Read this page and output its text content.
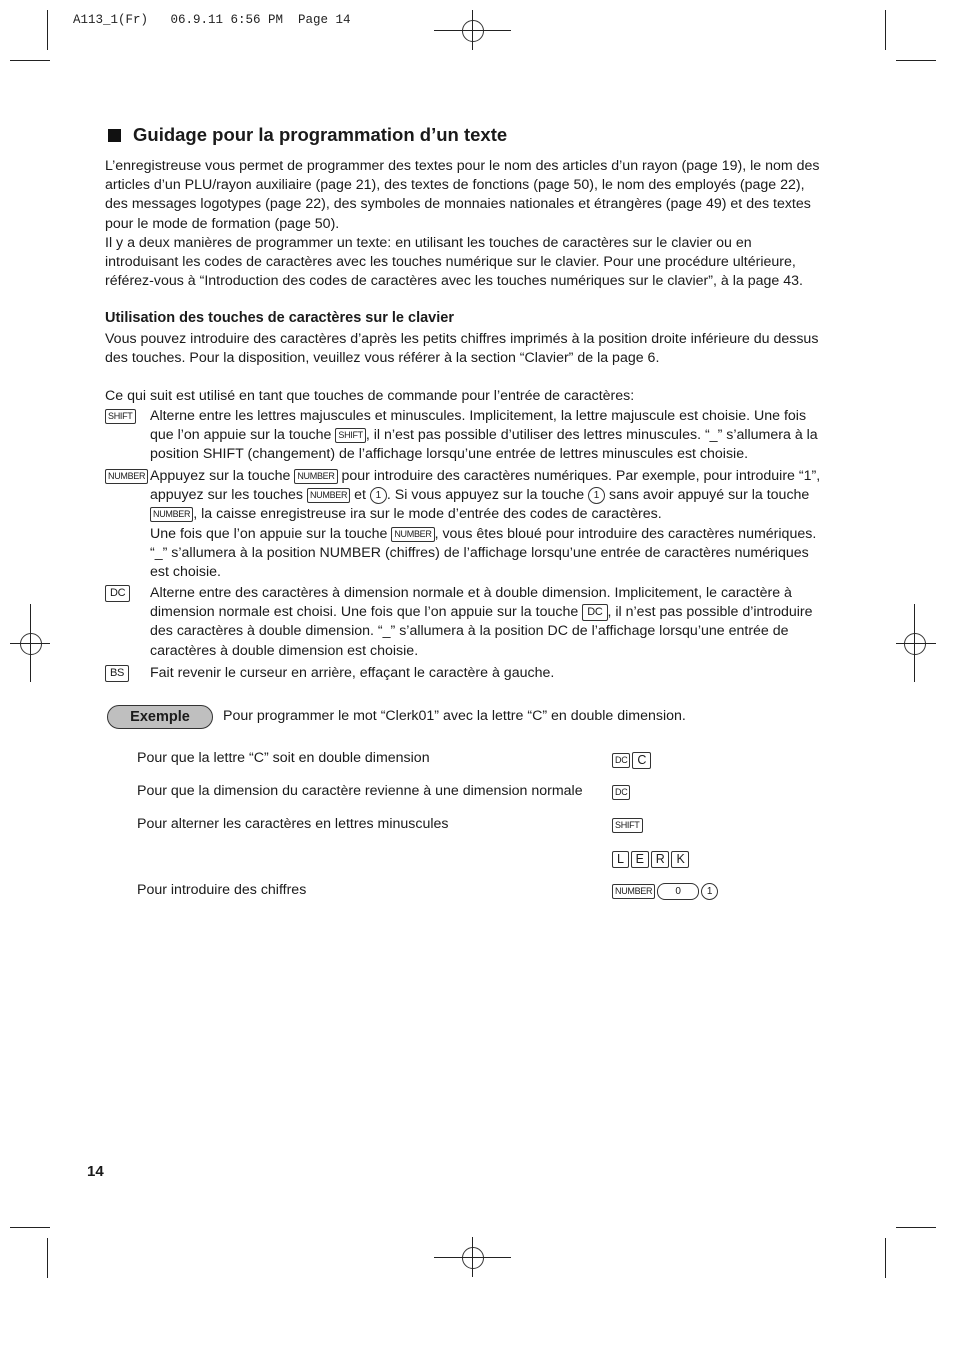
A113_1(Fr)   06.9.11 6:56 PM  Page 14
Guidage pour la programmation d’un texte

L’enregistreuse vous permet de programmer des textes pour le nom des articles d’un rayon (page 19), le nom des articles d’un PLU/rayon auxiliaire (page 21), des textes de fonctions (page 50), le nom des employés (page 22), des messages logotypes (page 22), des symboles de monnaies nationales et étrangères (page 49) et des textes pour le mode de formation (page 50).

Il y a deux manières de programmer un texte: en utilisant les touches de caractères sur le clavier ou en introduisant les codes de caractères avec les touches numérique sur le clavier. Pour une procédure ultérieure, référez-vous à “Introduction des codes de caractères avec les touches numériques sur le clavier”, à la page 43.

Utilisation des touches de caractères sur le clavier

Vous pouvez introduire des caractères d’après les petits chiffres imprimés à la position droite inférieure du dessus des touches. Pour la disposition, veuillez vous référer à la section “Clavier” de la page 6.

Ce qui suit est utilisé en tant que touches de commande pour l’entrée de caractères:

SHIFT Alterne entre les lettres majuscules et minuscules. Implicitement, la lettre majuscule est choisie. Une fois que l’on appuie sur la touche SHIFT , il n’est pas possible d’utiliser des lettres minuscules. “_” s’allumera à la position SHIFT (changement) de l’affichage lorsqu’une entrée de lettres minuscules est choisie.

NUMBER Appuyez sur la touche NUMBER pour introduire des caractères numériques. Par exemple, pour introduire “1”, appuyez sur les touches NUMBER et 1 . Si vous appuyez sur la touche 1 sans avoir appuyé sur la touche NUMBER , la caisse enregistreuse ira sur le mode d’entrée des codes de caractères.
Une fois que l’on appuie sur la touche NUMBER , vous êtes bloué pour introduire des caractères numériques. “_” s’allumera à la position NUMBER (chiffres) de l’affichage lorsqu’une entrée de caractères numériques est choisie.

DC	Alterne entre des caractères à dimension normale et à double dimension. Implicitement, le caractère à dimension normale est choisi. Une fois que l’on appuie sur la touche DC , il n’est pas possible d’introduire des caractères à double dimension. “_” s’allumera à la position DC de l’affichage lorsqu’une entrée de caractères à double dimension est choisie.

BS	Fait revenir le curseur en arrière, effaçant le caractère à gauche.

Exemple	Pour programmer le mot “Clerk01” avec la lettre “C” en double dimension.
Pour que la lettre “C” soit en double dimension	DC C
Pour que la dimension du caractère revienne à une dimension normale	DC
Pour alterner les caractères en lettres minuscules	SHIFT
L E R K
Pour introduire des chiffres	NUMBER	0	1
14
